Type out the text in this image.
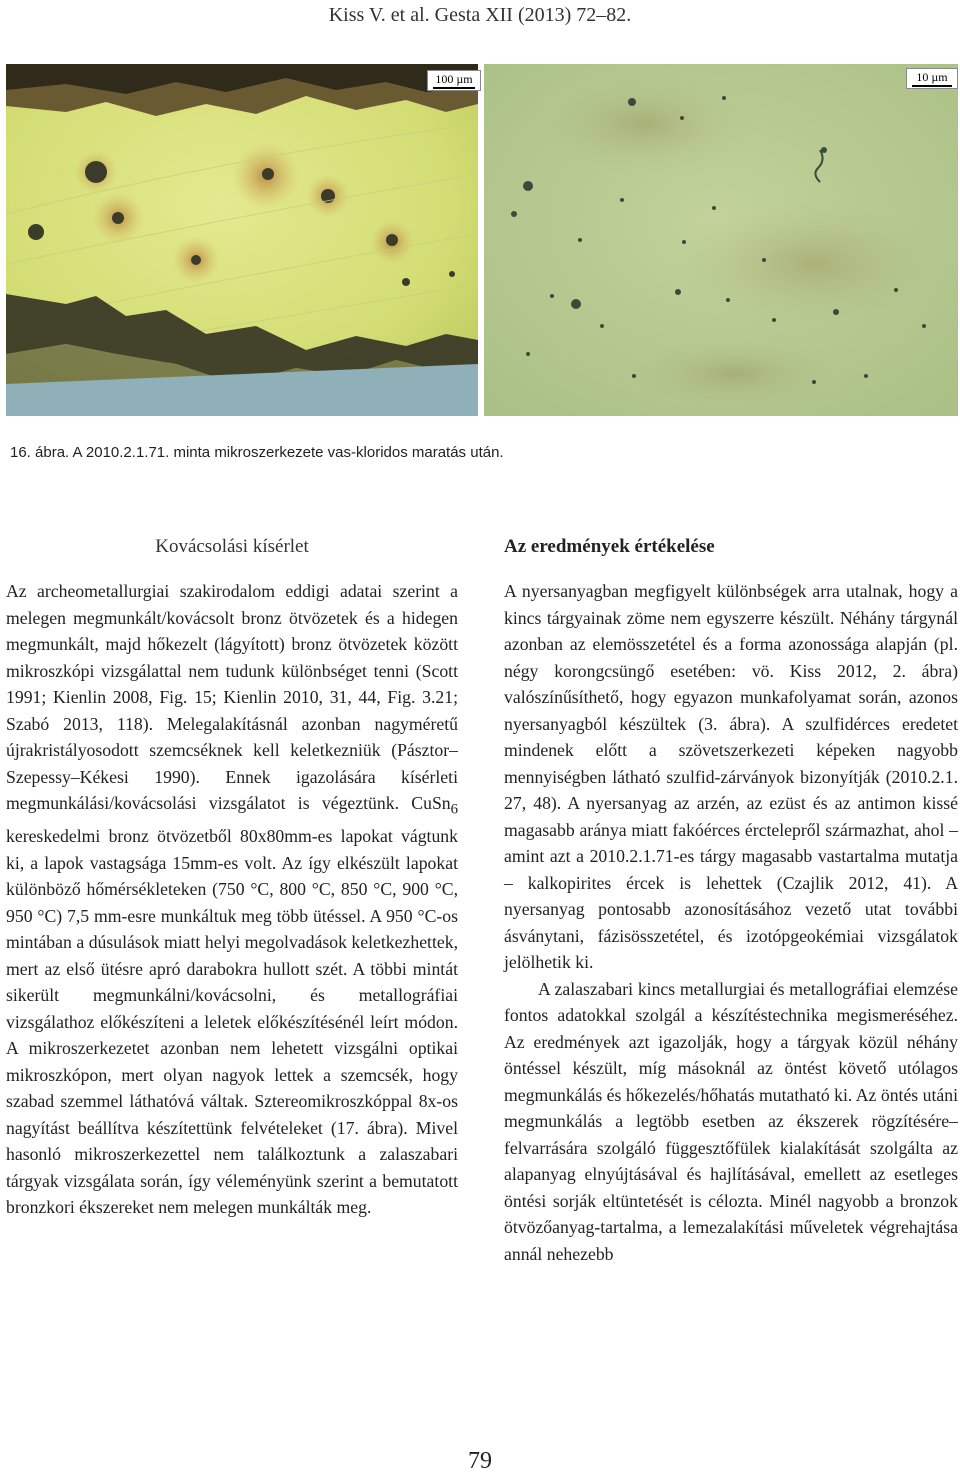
Kiss V. et al. Gesta XII (2013) 72–82.
100 µm	10 µm
16. ábra. A 2010.2.1.71. minta mikroszerkezete vas-kloridos maratás után.
Kovácsolási kísérlet

Az archeometallurgiai szakirodalom eddigi adatai szerint a melegen megmunkált/kovácsolt bronz ötvözetek és a hidegen megmunkált, majd hőkezelt (lágyított) bronz ötvözetek között mikroszkópi vizsgálattal nem tudunk különbséget tenni (Scott 1991; Kienlin 2008, Fig. 15; Kienlin 2010, 31, 44, Fig. 3.21; Szabó 2013, 118). Melegalakításnál azonban nagyméretű újrakristályosodott szemcséknek kell keletkezniük (Pásztor–Szepessy–Kékesi 1990). Ennek igazolására kísérleti megmunkálási/kovácsolási vizsgálatot is végeztünk. CuSn$_6$ kereskedelmi bronz ötvözetből 80x80mm-es lapokat vágtunk ki, a lapok vastagsága 15mm-es volt. Az így elkészült lapokat különböző hőmérsékleteken (750 °C, 800 °C, 850 °C, 900 °C, 950 °C) 7,5 mm-esre munkáltuk meg több ütéssel. A 950 °C-os mintában a dúsulások miatt helyi megolvadások keletkezhettek, mert az első ütésre apró darabokra hullott szét. A többi mintát sikerült megmunkálni/kovácsolni, és metallográfiai vizsgálathoz előkészíteni a leletek előkészítésénél leírt módon. A mikroszerkezetet azonban nem lehetett vizsgálni optikai mikroszkópon, mert olyan nagyok lettek a szemcsék, hogy szabad szemmel láthatóvá váltak. Sztereomikroszkóppal 8x-os nagyítást beállítva készítettünk felvételeket (17. ábra). Mivel hasonló mikroszerkezettel nem találkoztunk a zalaszabari tárgyak vizsgálata során, így véleményünk szerint a bemutatott bronzkori ékszereket nem melegen munkálták meg.

Az eredmények értékelése

A nyersanyagban megfigyelt különbségek arra utalnak, hogy a kincs tárgyainak zöme nem egyszerre készült. Néhány tárgynál azonban az elemösszetétel és a forma azonossága alapján (pl. négy korongcsüngő esetében: vö. Kiss 2012, 2. ábra) valószínűsíthető, hogy egyazon munkafolyamat során, azonos nyersanyagból készültek (3. ábra). A szulfidérces eredetet mindenek előtt a szövetszerkezeti képeken nagyobb mennyiségben látható szulfid-zárványok bizonyítják (2010.2.1. 27, 48). A nyersanyag az arzén, az ezüst és az antimon kissé magasabb aránya miatt fakóérces érctelepről származhat, ahol – amint azt a 2010.2.1.71-es tárgy magasabb vastartalma mutatja – kalkopirites ércek is lehettek (Czajlik 2012, 41). A nyersanyag pontosabb azonosításához vezető utat további ásványtani, fázisösszetétel, és izotópgeokémiai vizsgálatok jelölhetik ki.

A zalaszabari kincs metallurgiai és metallográfiai elemzése fontos adatokkal szolgál a készítéstechnika megismeréséhez. Az eredmények azt igazolják, hogy a tárgyak közül néhány öntéssel készült, míg másoknál az öntést követő utólagos megmunkálás és hőkezelés/hőhatás mutatható ki. Az öntés utáni megmunkálás a legtöbb esetben az ékszerek rögzítésére–felvarrására szolgáló függesztőfülek kialakítását szolgálta az alapanyag elnyújtásával és hajlításával, emellett az esetleges öntési sorják eltüntetését is célozta. Minél nagyobb a bronzok ötvözőanyag-tartalma, a lemezalakítási műveletek végrehajtása annál nehezebb

79
